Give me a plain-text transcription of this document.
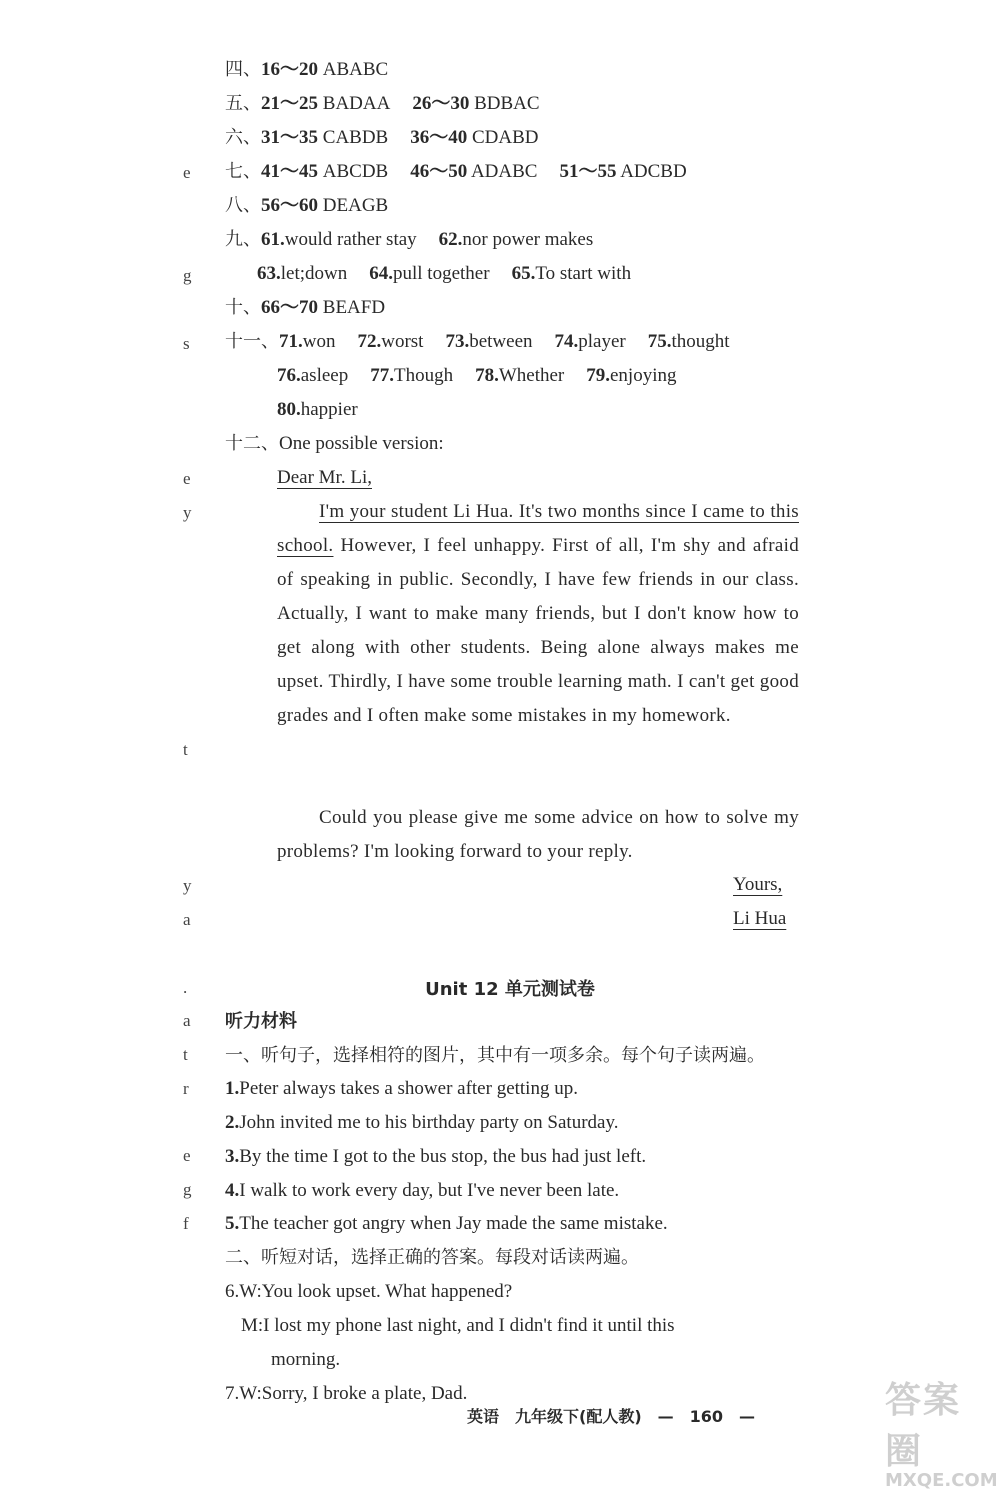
e
g
s
e
y
t
y
a
.
a
t
r
e
g
f
四、16～20 ABABC
五、21～25 BADAA 26～30 BDBAC
六、31～35 CABDB 36～40 CDABD
七、41～45 ABCDB 46～50 ADABC 51～55 ADCBD
八、56～60 DEAGB
九、61.would rather stay 62.nor power makes
63.let;down 64.pull together 65.To start with
十、66～70 BEAFD
十一、71.won 72.worst 73.between 74.player 75.thought
76.asleep 77.Though 78.Whether 79.enjoying
80.happier
十二、One possible version:
Dear Mr. Li,
I'm your student Li Hua. It's two months since I came to this school. However, I feel unhappy. First of all, I'm shy and afraid of speaking in public. Secondly, I have few friends in our class. Actually, I want to make many friends, but I don't know how to get along with other students. Being alone always makes me upset. Thirdly, I have some trouble learning math. I can't get good grades and I often make some mistakes in my homework.
Could you please give me some advice on how to solve my problems? I'm looking forward to your reply.
Yours,
Li Hua
Unit 12 单元测试卷
听力材料
一、听句子，选择相符的图片，其中有一项多余。每个句子读两遍。
1.Peter always takes a shower after getting up.
2.John invited me to his birthday party on Saturday.
3.By the time I got to the bus stop, the bus had just left.
4.I walk to work every day, but I've never been late.
5.The teacher got angry when Jay made the same mistake.
二、听短对话，选择正确的答案。每段对话读两遍。
6.W:You look upset. What happened?
M:I lost my phone last night, and I didn't find it until this
morning.
7.W:Sorry, I broke a plate, Dad.
英语　九年级下(配人教)　—　160　—	答案圈
MXQE.COM
